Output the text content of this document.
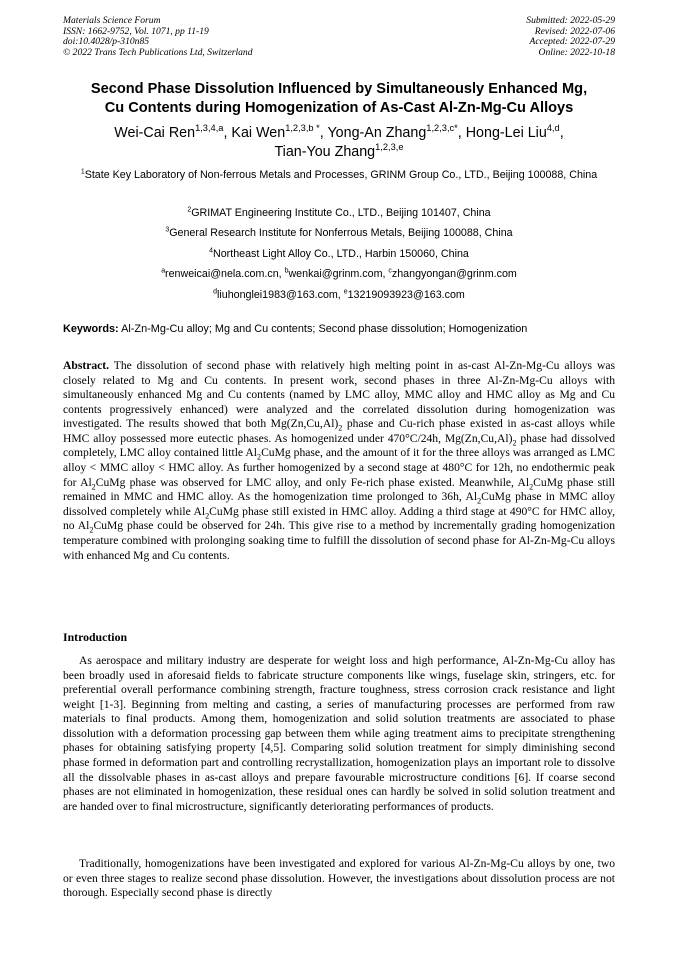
Materials Science Forum
ISSN: 1662-9752, Vol. 1071, pp 11-19
doi:10.4028/p-310n85
© 2022 Trans Tech Publications Ltd, Switzerland
Submitted: 2022-05-29
Revised: 2022-07-06
Accepted: 2022-07-29
Online: 2022-10-18
Second Phase Dissolution Influenced by Simultaneously Enhanced Mg,
Cu Contents during Homogenization of As-Cast Al-Zn-Mg-Cu Alloys
Wei-Cai Ren$^{1,3,4,a}$, Kai Wen$^{1,2,3,b *}$, Yong-An Zhang$^{1,2,3,c*}$, Hong-Lei Liu$^{4,d}$,
Tian-You Zhang$^{1,2,3,e}$
$^1$State Key Laboratory of Non-ferrous Metals and Processes, GRINM Group Co., LTD., Beijing 100088, China
$^2$GRIMAT Engineering Institute Co., LTD., Beijing 101407, China
$^3$General Research Institute for Nonferrous Metals, Beijing 100088, China
$^4$Northeast Light Alloy Co., LTD., Harbin 150060, China
$^a$renweicai@nela.com.cn, $^b$wenkai@grinm.com, $^c$zhangyongan@grinm.com
$^d$liuhonglei1983@163.com, $^e$13219093923@163.com
Keywords: Al-Zn-Mg-Cu alloy; Mg and Cu contents; Second phase dissolution; Homogenization
Abstract. The dissolution of second phase with relatively high melting point in as-cast Al-Zn-Mg-Cu alloys was closely related to Mg and Cu contents. In present work, second phases in three Al-Zn-Mg-Cu alloys with simultaneously enhanced Mg and Cu contents (named by LMC alloy, MMC alloy and HMC alloy as Mg and Cu contents progressively enhanced) were analyzed and the correlated dissolution during homogenization was investigated. The results showed that both $Mg(Zn,Cu,Al)_2$ phase and Cu-rich phase existed in as-cast alloys while HMC alloy possessed more eutectic phases. As homogenized under 470°C/24h, $Mg(Zn,Cu,Al)_2$ phase had dissolved completely, LMC alloy contained little $Al_2CuMg$ phase, and the amount of it for the three alloys was arranged as LMC alloy < MMC alloy < HMC alloy. As further homogenized by a second stage at 480°C for 12h, no endothermic peak for $Al_2CuMg$ phase was observed for LMC alloy, and only Fe-rich phase existed. Meanwhile, $Al_2CuMg$ phase still remained in MMC and HMC alloy. As the homogenization time prolonged to 36h, $Al_2CuMg$ phase in MMC alloy dissolved completely while $Al_2CuMg$ phase still existed in HMC alloy. Adding a third stage at 490°C for HMC alloy, no $Al_2CuMg$ phase could be observed for 24h. This give rise to a method by incrementally grading homogenization temperature combined with prolonging soaking time to fulfill the dissolution of second phase for Al-Zn-Mg-Cu alloys with enhanced Mg and Cu contents.
Introduction
As aerospace and military industry are desperate for weight loss and high performance, Al-Zn-Mg-Cu alloy has been broadly used in aforesaid fields to fabricate structure components like wings, fuselage skin, stringers, etc. for preferential overall performance combining strength, fracture toughness, stress corrosion crack resistance and light weight [1-3]. Beginning from melting and casting, a series of manufacturing processes are performed from raw materials to final products. Among them, homogenization and solid solution treatments are associated to phase dissolution with a deformation processing gap between them while aging treatment aims to precipitate strengthening phases for obtaining satisfying property [4,5]. Comparing solid solution treatment for simply diminishing second phase formed in deformation part and controlling recrystallization, homogenization plays an important role to dissolve all the dissolvable phases in as-cast alloys and prepare favourable microstructure conditions [6]. If coarse second phases are not eliminated in homogenization, these residual ones can hardly be solved in solid solution treatment and are handed over to final microstructure, significantly deteriorating performances of products.
Traditionally, homogenizations have been investigated and explored for various Al-Zn-Mg-Cu alloys by one, two or even three stages to realize second phase dissolution. However, the investigations about dissolution process are not thorough. Especially second phase is directly
